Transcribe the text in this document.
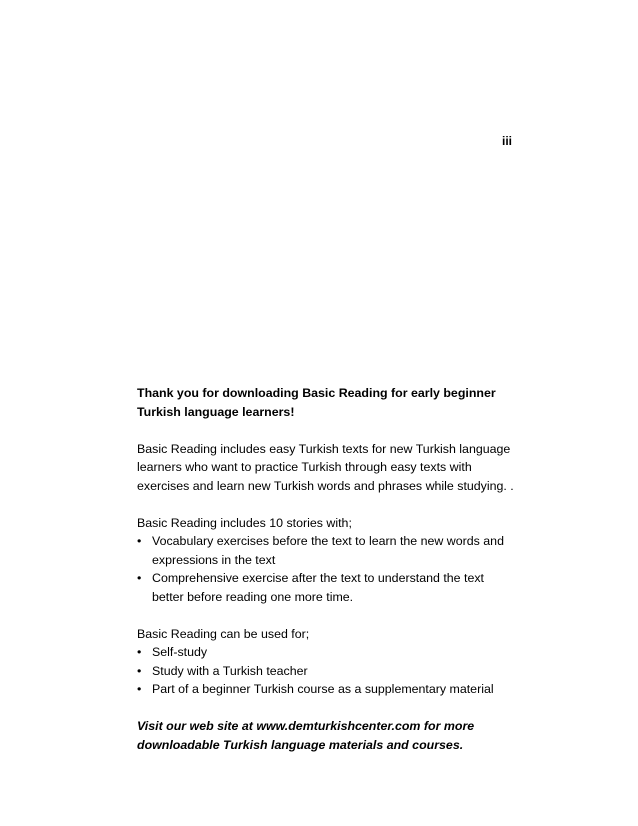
iii

Thank you for downloading Basic Reading for early beginner Turkish language learners!

Basic Reading includes easy Turkish texts for new Turkish language learners who want to practice Turkish through easy texts with exercises and learn new Turkish words and phrases while studying. .

Basic Reading includes 10 stories with;

• Vocabulary exercises before the text to learn the new words and expressions in the text
• Comprehensive exercise after the text to understand the text better before reading one more time.

Basic Reading can be used for;

• Self-study
• Study with a Turkish teacher
• Part of a beginner Turkish course as a supplementary material

Visit our web site at www.demturkishcenter.com for more downloadable Turkish language materials and courses.
